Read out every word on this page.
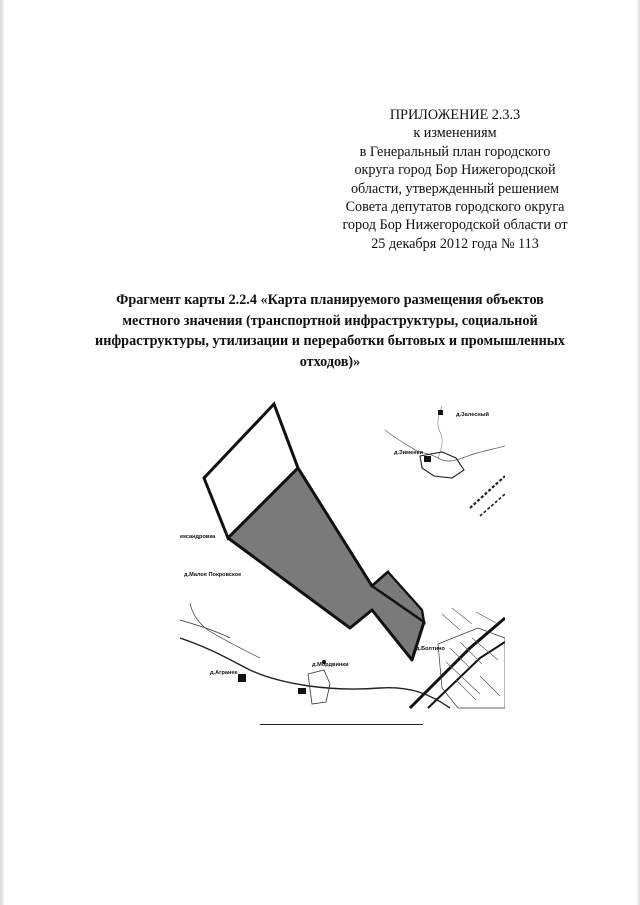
ПРИЛОЖЕНИЕ 2.3.3
к изменениям
в Генеральный план городского
округа город Бор Нижегородской
области, утвержденный решением
Совета депутатов городского округа
город Бор Нижегородской области от
25 декабря 2012 года № 113
Фрагмент карты 2.2.4 «Карта планируемого размещения объектов
местного значения (транспортной инфраструктуры, социальной
инфраструктуры, утилизации и переработки бытовых и промышленных
отходов)»
д.Залесный
д.Зименки
ександровка
д.Малое Покровское
д.Мордвинки
д.Агранее
д.Болтино
